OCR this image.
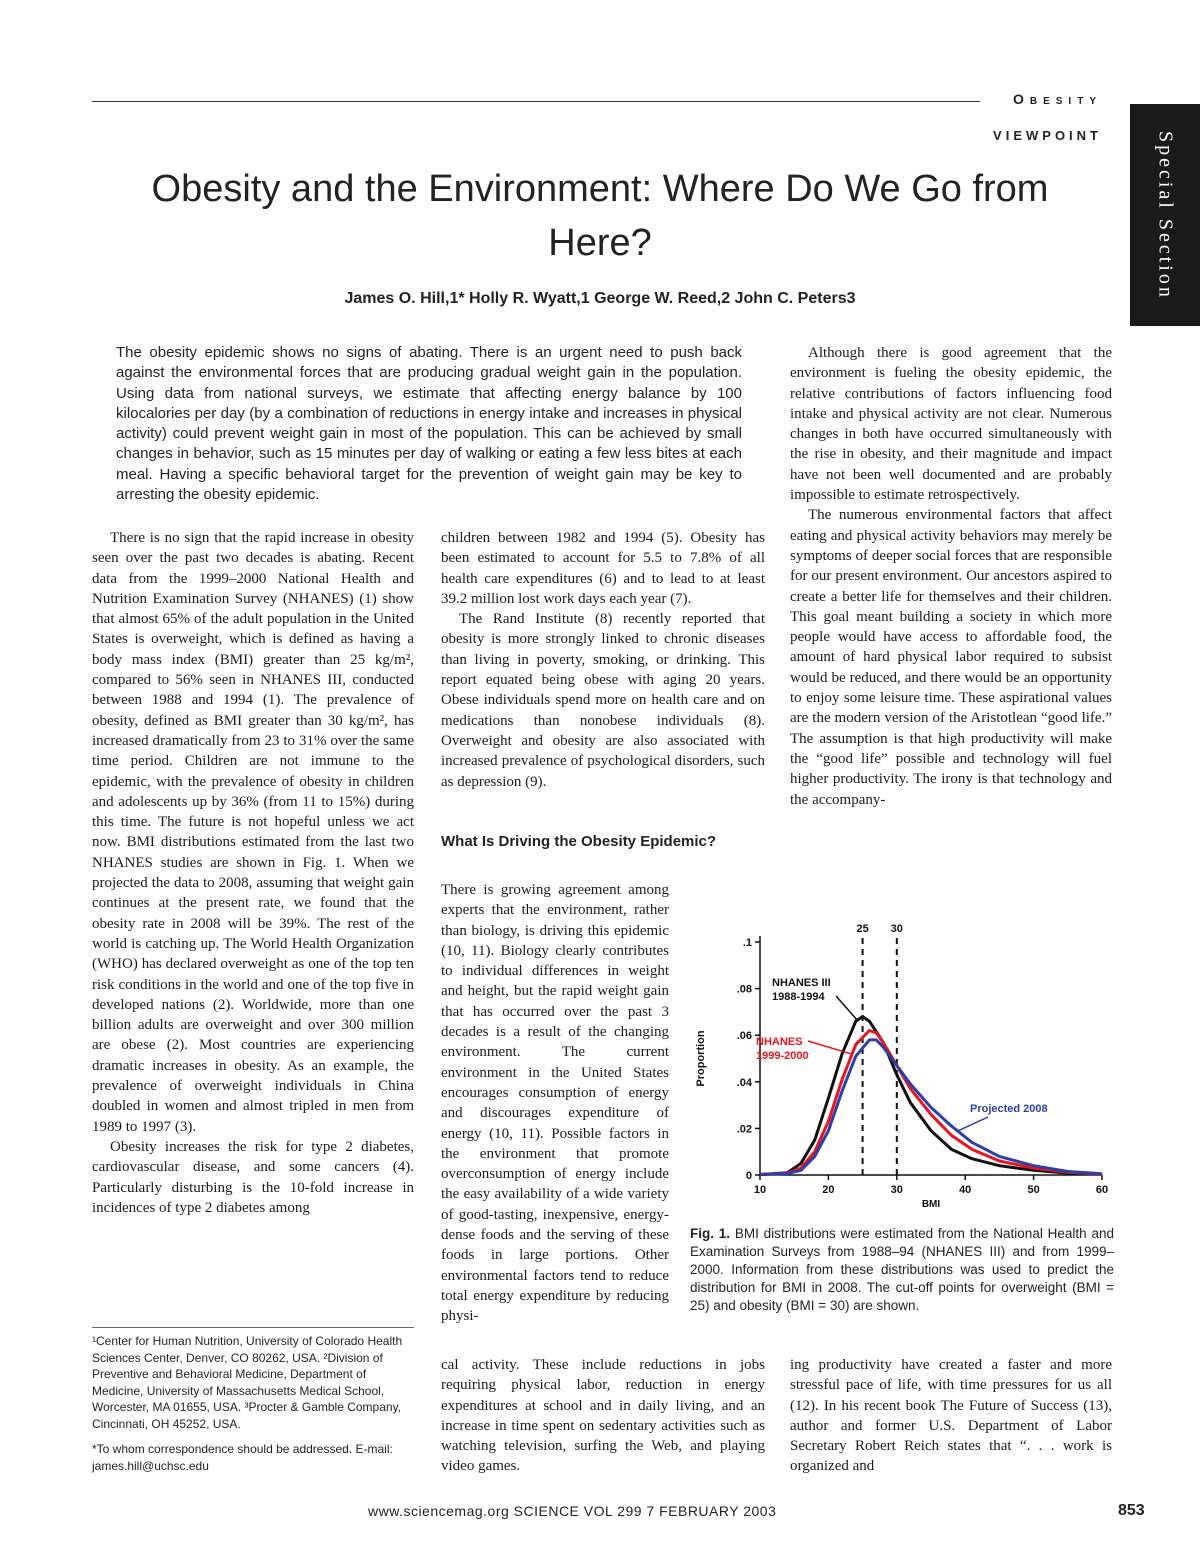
Obesity
VIEWPOINT	Special Section
Obesity and the Environment: Where Do We Go from Here?
James O. Hill,1* Holly R. Wyatt,1 George W. Reed,2 John C. Peters3
The obesity epidemic shows no signs of abating. There is an urgent need to push back against the environmental forces that are producing gradual weight gain in the population. Using data from national surveys, we estimate that affecting energy balance by 100 kilocalories per day (by a combination of reductions in energy intake and increases in physical activity) could prevent weight gain in most of the population. This can be achieved by small changes in behavior, such as 15 minutes per day of walking or eating a few less bites at each meal. Having a specific behavioral target for the prevention of weight gain may be key to arresting the obesity epidemic.

There is no sign that the rapid increase in obesity seen over the past two decades is abating. Recent data from the 1999–2000 National Health and Nutrition Examination Survey (NHANES) (1) show that almost 65% of the adult population in the United States is overweight, which is defined as having a body mass index (BMI) greater than 25 kg/m², compared to 56% seen in NHANES III, conducted between 1988 and 1994 (1). The prevalence of obesity, defined as BMI greater than 30 kg/m², has increased dramatically from 23 to 31% over the same time period. Children are not immune to the epidemic, with the prevalence of obesity in children and adolescents up by 36% (from 11 to 15%) during this time. The future is not hopeful unless we act now. BMI distributions estimated from the last two NHANES studies are shown in Fig. 1. When we projected the data to 2008, assuming that weight gain continues at the present rate, we found that the obesity rate in 2008 will be 39%. The rest of the world is catching up. The World Health Organization (WHO) has declared overweight as one of the top ten risk conditions in the world and one of the top five in developed nations (2). Worldwide, more than one billion adults are overweight and over 300 million are obese (2). Most countries are experiencing dramatic increases in obesity. As an example, the prevalence of overweight individuals in China doubled in women and almost tripled in men from 1989 to 1997 (3).

Obesity increases the risk for type 2 diabetes, cardiovascular disease, and some cancers (4). Particularly disturbing is the 10-fold increase in incidences of type 2 diabetes among

¹Center for Human Nutrition, University of Colorado Health Sciences Center, Denver, CO 80262, USA. ²Division of Preventive and Behavioral Medicine, Department of Medicine, University of Massachusetts Medical School, Worcester, MA 01655, USA. ³Procter & Gamble Company, Cincinnati, OH 45252, USA.

*To whom correspondence should be addressed. E-mail: james.hill@uchsc.edu

children between 1982 and 1994 (5). Obesity has been estimated to account for 5.5 to 7.8% of all health care expenditures (6) and to lead to at least 39.2 million lost work days each year (7).

The Rand Institute (8) recently reported that obesity is more strongly linked to chronic diseases than living in poverty, smoking, or drinking. This report equated being obese with aging 20 years. Obese individuals spend more on health care and on medications than nonobese individuals (8). Overweight and obesity are also associated with increased prevalence of psychological disorders, such as depression (9).

What Is Driving the Obesity Epidemic?

There is growing agreement among experts that the environment, rather than biology, is driving this epidemic (10, 11). Biology clearly contributes to individual differences in weight and height, but the rapid weight gain that has occurred over the past 3 decades is a result of the changing environment. The current environment in the United States encourages consumption of energy and discourages expenditure of energy (10, 11). Possible factors in the environment that promote overconsumption of energy include the easy availability of a wide variety of good-tasting, inexpensive, energy-dense foods and the serving of these foods in large portions. Other environmental factors tend to reduce total energy expenditure by reducing physi-

cal activity. These include reductions in jobs requiring physical labor, reduction in energy expenditures at school and in daily living, and an increase in time spent on sedentary activities such as watching television, surfing the Web, and playing video games.

Although there is good agreement that the environment is fueling the obesity epidemic, the relative contributions of factors influencing food intake and physical activity are not clear. Numerous changes in both have occurred simultaneously with the rise in obesity, and their magnitude and impact have not been well documented and are probably impossible to estimate retrospectively.

The numerous environmental factors that affect eating and physical activity behaviors may merely be symptoms of deeper social forces that are responsible for our present environment. Our ancestors aspired to create a better life for themselves and their children. This goal meant building a society in which more people would have access to affordable food, the amount of hard physical labor required to subsist would be reduced, and there would be an opportunity to enjoy some leisure time. These aspirational values are the modern version of the Aristotlean “good life.” The assumption is that high productivity will make the “good life” possible and technology will fuel higher productivity. The irony is that technology and the accompany-

ing productivity have created a faster and more stressful pace of life, with time pressures for us all (12). In his recent book The Future of Success (13), author and former U.S. Department of Labor Secretary Robert Reich states that “. . . work is organized and

0
.02
.04
.06
.08
.1
10	20	30	40	50	60
BMI
Proportion
25 30
NHANES III
1988-1994
NHANES
1999-2000
Projected 2008
Fig. 1. BMI distributions were estimated from the National Health and Examination Surveys from 1988–94 (NHANES III) and from 1999–2000. Information from these distributions was used to predict the distribution for BMI in 2008. The cut-off points for overweight (BMI = 25) and obesity (BMI = 30) are shown.
www.sciencemag.org SCIENCE VOL 299 7 FEBRUARY 2003	853
